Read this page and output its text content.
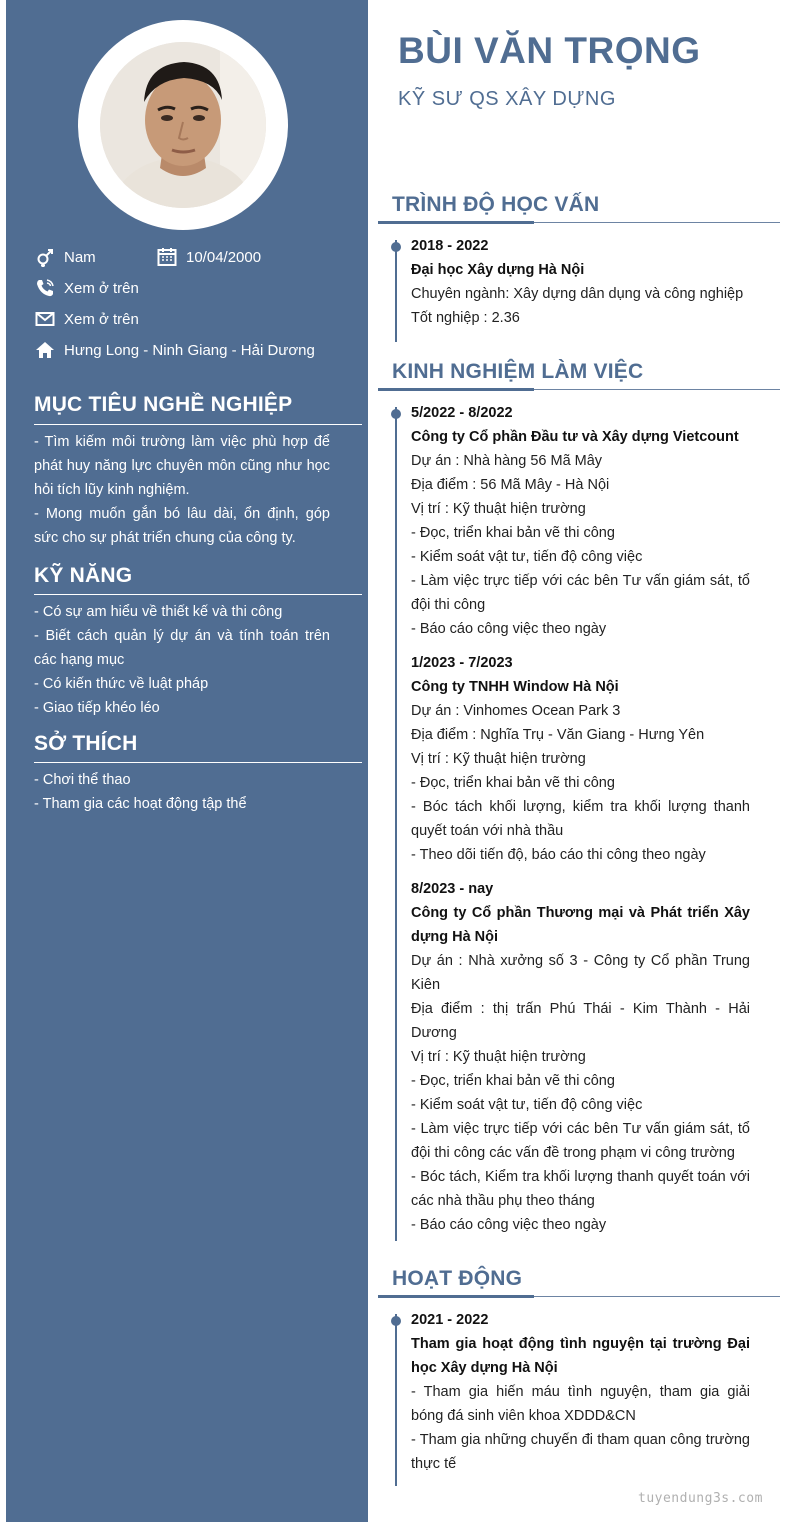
Nam	10/04/2000
Xem ở trên
Xem ở trên
Hưng Long - Ninh Giang - Hải Dương
MỤC TIÊU NGHỀ NGHIỆP

- Tìm kiếm môi trường làm việc phù hợp để phát huy năng lực chuyên môn cũng như học hỏi tích lũy kinh nghiệm.

- Mong muốn gắn bó lâu dài, ổn định, góp sức cho sự phát triển chung của công ty.

KỸ NĂNG

- Có sự am hiểu về thiết kế và thi công

- Biết cách quản lý dự án và tính toán trên các hạng mục

- Có kiến thức về luật pháp

- Giao tiếp khéo léo

SỞ THÍCH

- Chơi thể thao

- Tham gia các hoạt động tập thể

BÙI VĂN TRỌNG
KỸ SƯ QS XÂY DỰNG
TRÌNH ĐỘ HỌC VẤN

2018 - 2022

Đại học Xây dựng Hà Nội

Chuyên ngành: Xây dựng dân dụng và công nghiệp

Tốt nghiệp : 2.36

KINH NGHIỆM LÀM VIỆC

5/2022 - 8/2022

Công ty Cổ phần Đầu tư và Xây dựng Vietcount

Dự án : Nhà hàng 56 Mã Mây

Địa điểm : 56 Mã Mây - Hà Nội

Vị trí : Kỹ thuật hiện trường

- Đọc, triển khai bản vẽ thi công

- Kiểm soát vật tư, tiến độ công việc

- Làm việc trực tiếp với các bên Tư vấn giám sát, tổ đội thi công

- Báo cáo công việc theo ngày

1/2023 - 7/2023

Công ty TNHH Window Hà Nội

Dự án : Vinhomes Ocean Park 3

Địa điểm : Nghĩa Trụ - Văn Giang - Hưng Yên

Vị trí : Kỹ thuật hiện trường

- Đọc, triển khai bản vẽ thi công

- Bóc tách khối lượng, kiểm tra khối lượng thanh quyết toán với nhà thầu

- Theo dõi tiến độ, báo cáo thi công theo ngày

8/2023 - nay

Công ty Cổ phần Thương mại và Phát triển Xây dựng Hà Nội

Dự án : Nhà xưởng số 3 - Công ty Cổ phần Trung Kiên

Địa điểm : thị trấn Phú Thái - Kim Thành - Hải Dương

Vị trí : Kỹ thuật hiện trường

- Đọc, triển khai bản vẽ thi công

- Kiểm soát vật tư, tiến độ công việc

- Làm việc trực tiếp với các bên Tư vấn giám sát, tổ đội thi công các vấn đề trong phạm vi công trường

- Bóc tách, Kiểm tra khối lượng thanh quyết toán với các nhà thầu phụ theo tháng

- Báo cáo công việc theo ngày

HOẠT ĐỘNG

2021 - 2022

Tham gia hoạt động tình nguyện tại trường Đại học Xây dựng Hà Nội

- Tham gia hiến máu tình nguyện, tham gia giải bóng đá sinh viên khoa XDDD&CN

- Tham gia những chuyến đi tham quan công trường thực tế

tuyendung3s.com
